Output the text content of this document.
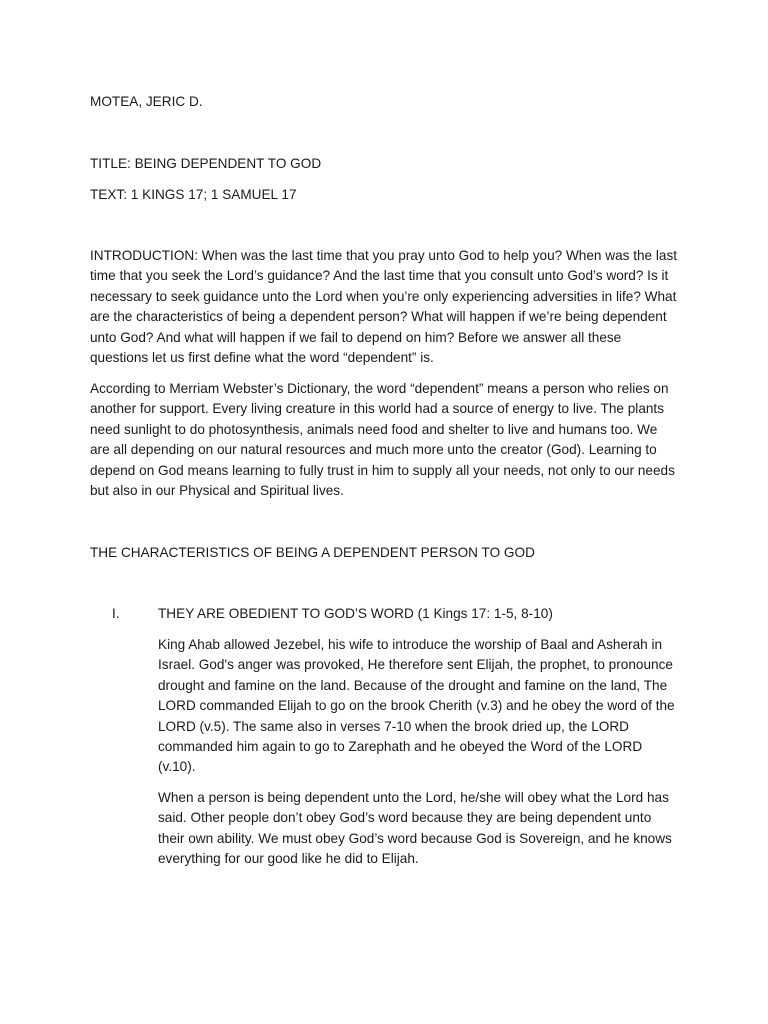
MOTEA, JERIC D.

TITLE: BEING DEPENDENT TO GOD

TEXT: 1 KINGS 17; 1 SAMUEL 17

INTRODUCTION: When was the last time that you pray unto God to help you? When was the last time that you seek the Lord’s guidance? And the last time that you consult unto God’s word? Is it necessary to seek guidance unto the Lord when you’re only experiencing adversities in life? What are the characteristics of being a dependent person? What will happen if we’re being dependent unto God? And what will happen if we fail to depend on him? Before we answer all these questions let us first define what the word “dependent” is.

According to Merriam Webster’s Dictionary, the word “dependent” means a person who relies on another for support. Every living creature in this world had a source of energy to live. The plants need sunlight to do photosynthesis, animals need food and shelter to live and humans too. We are all depending on our natural resources and much more unto the creator (God). Learning to depend on God means learning to fully trust in him to supply all your needs, not only to our needs but also in our Physical and Spiritual lives.

THE CHARACTERISTICS OF BEING A DEPENDENT PERSON TO GOD

I.	THEY ARE OBEDIENT TO GOD’S WORD (1 Kings 17: 1-5, 8-10)

King Ahab allowed Jezebel, his wife to introduce the worship of Baal and Asherah in Israel. God's anger was provoked, He therefore sent Elijah, the prophet, to pronounce drought and famine on the land. Because of the drought and famine on the land, The LORD commanded Elijah to go on the brook Cherith (v.3) and he obey the word of the LORD (v.5). The same also in verses 7-10 when the brook dried up, the LORD commanded him again to go to Zarephath and he obeyed the Word of the LORD (v.10).

When a person is being dependent unto the Lord, he/she will obey what the Lord has said. Other people don’t obey God’s word because they are being dependent unto their own ability. We must obey God’s word because God is Sovereign, and he knows everything for our good like he did to Elijah.
